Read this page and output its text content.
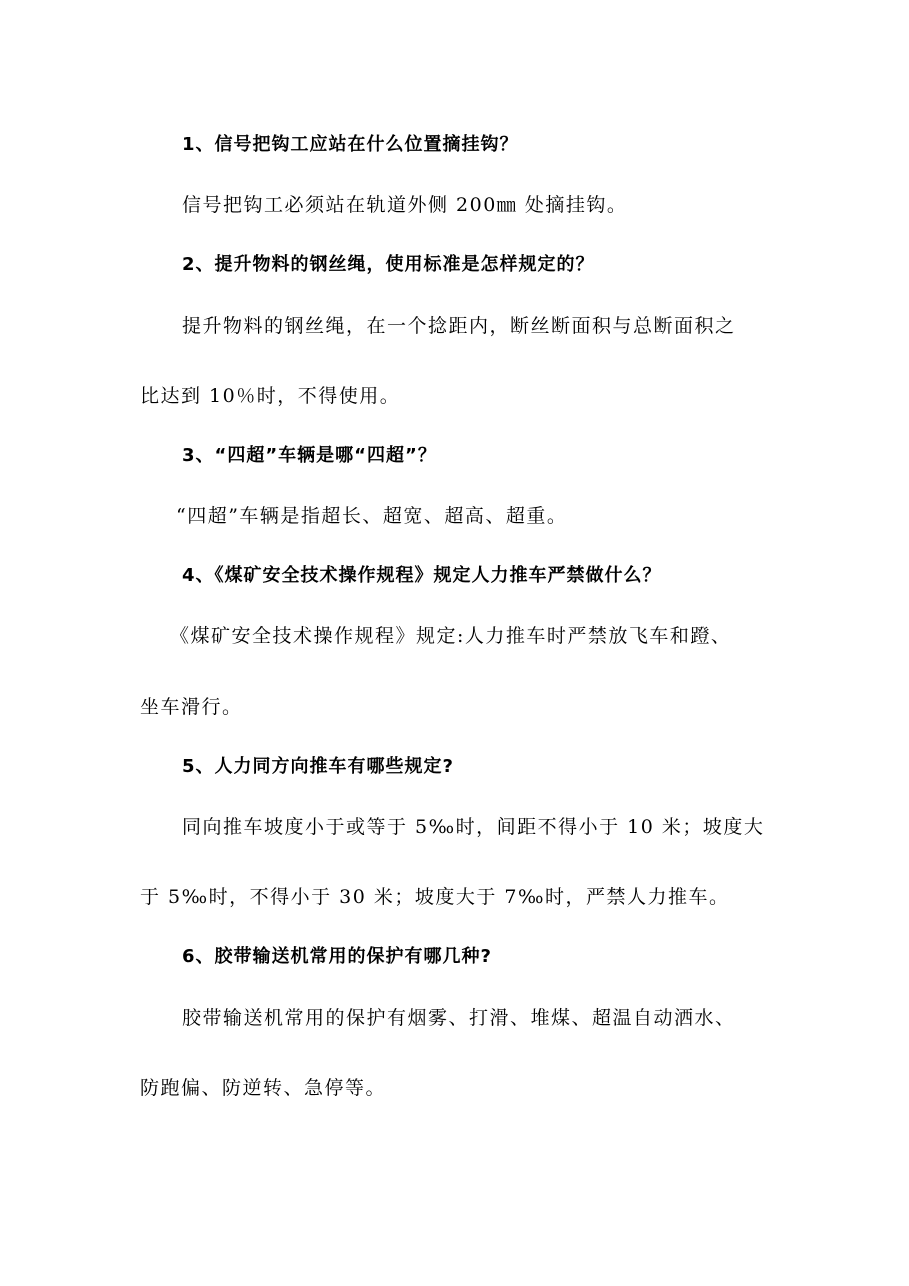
1、信号把钩工应站在什么位置摘挂钩？
信号把钩工必须站在轨道外侧 200㎜ 处摘挂钩。
2、提升物料的钢丝绳，使用标准是怎样规定的？
提升物料的钢丝绳，在一个捻距内，断丝断面积与总断面积之
比达到 10％时，不得使用。
3、“四超”车辆是哪“四超”？
“四超”车辆是指超长、超宽、超高、超重。
4、《煤矿安全技术操作规程》规定人力推车严禁做什么？
《煤矿安全技术操作规程》规定:人力推车时严禁放飞车和蹬、
坐车滑行。
5、人力同方向推车有哪些规定?
同向推车坡度小于或等于 5‰时，间距不得小于 10 米；坡度大
于 5‰时，不得小于 30 米；坡度大于 7‰时，严禁人力推车。
6、胶带输送机常用的保护有哪几种?
胶带输送机常用的保护有烟雾、打滑、堆煤、超温自动洒水、
防跑偏、防逆转、急停等。
